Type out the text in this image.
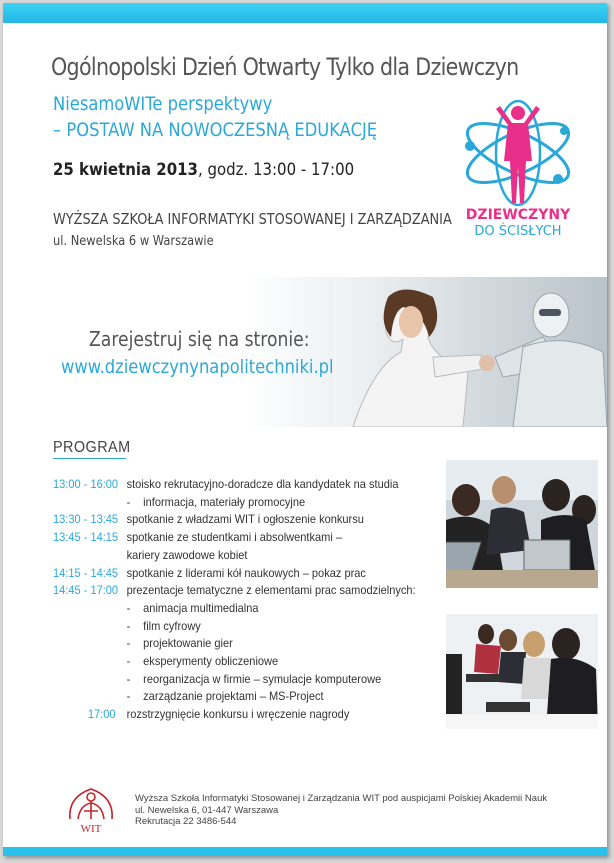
Ogólnopolski Dzień Otwarty Tylko dla Dziewczyn
NiesamoWITe perspektywy
– POSTAW NA NOWOCZESNĄ EDUKACJĘ
25 kwietnia 2013, godz. 13:00 - 17:00
WYŻSZA SZKOŁA INFORMATYKI STOSOWANEJ I ZARZĄDZANIA
ul. Newelska 6 w Warszawie
DZIEWCZYNY
DO ŚCISŁYCH
Zarejestruj się na stronie:
www.dziewczynynapolitechniki.pl
PROGRAM
13:00 - 16:00 stoisko rekrutacyjno-doradcze dla kandydatek na studia
- informacja, materiały promocyjne
13:30 - 13:45 spotkanie z władzami WIT i ogłoszenie konkursu
13:45 - 14:15 spotkanie ze studentkami i absolwentkami –
kariery zawodowe kobiet
14:15 - 14:45 spotkanie z liderami kół naukowych – pokaz prac
14:45 - 17:00 prezentacje tematyczne z elementami prac samodzielnych:
- animacja multimedialna
- film cyfrowy
- projektowanie gier
- eksperymenty obliczeniowe
- reorganizacja w firmie – symulacje komputerowe
- zarządzanie projektami – MS-Project
17:00 rozstrzygnięcie konkursu i wręczenie nagrody
WIT
Wyższa Szkoła Informatyki Stosowanej i Zarządzania WIT pod auspicjami Polskiej Akademii Nauk
ul. Newelska 6, 01-447 Warszawa
Rekrutacja 22 3486-544
